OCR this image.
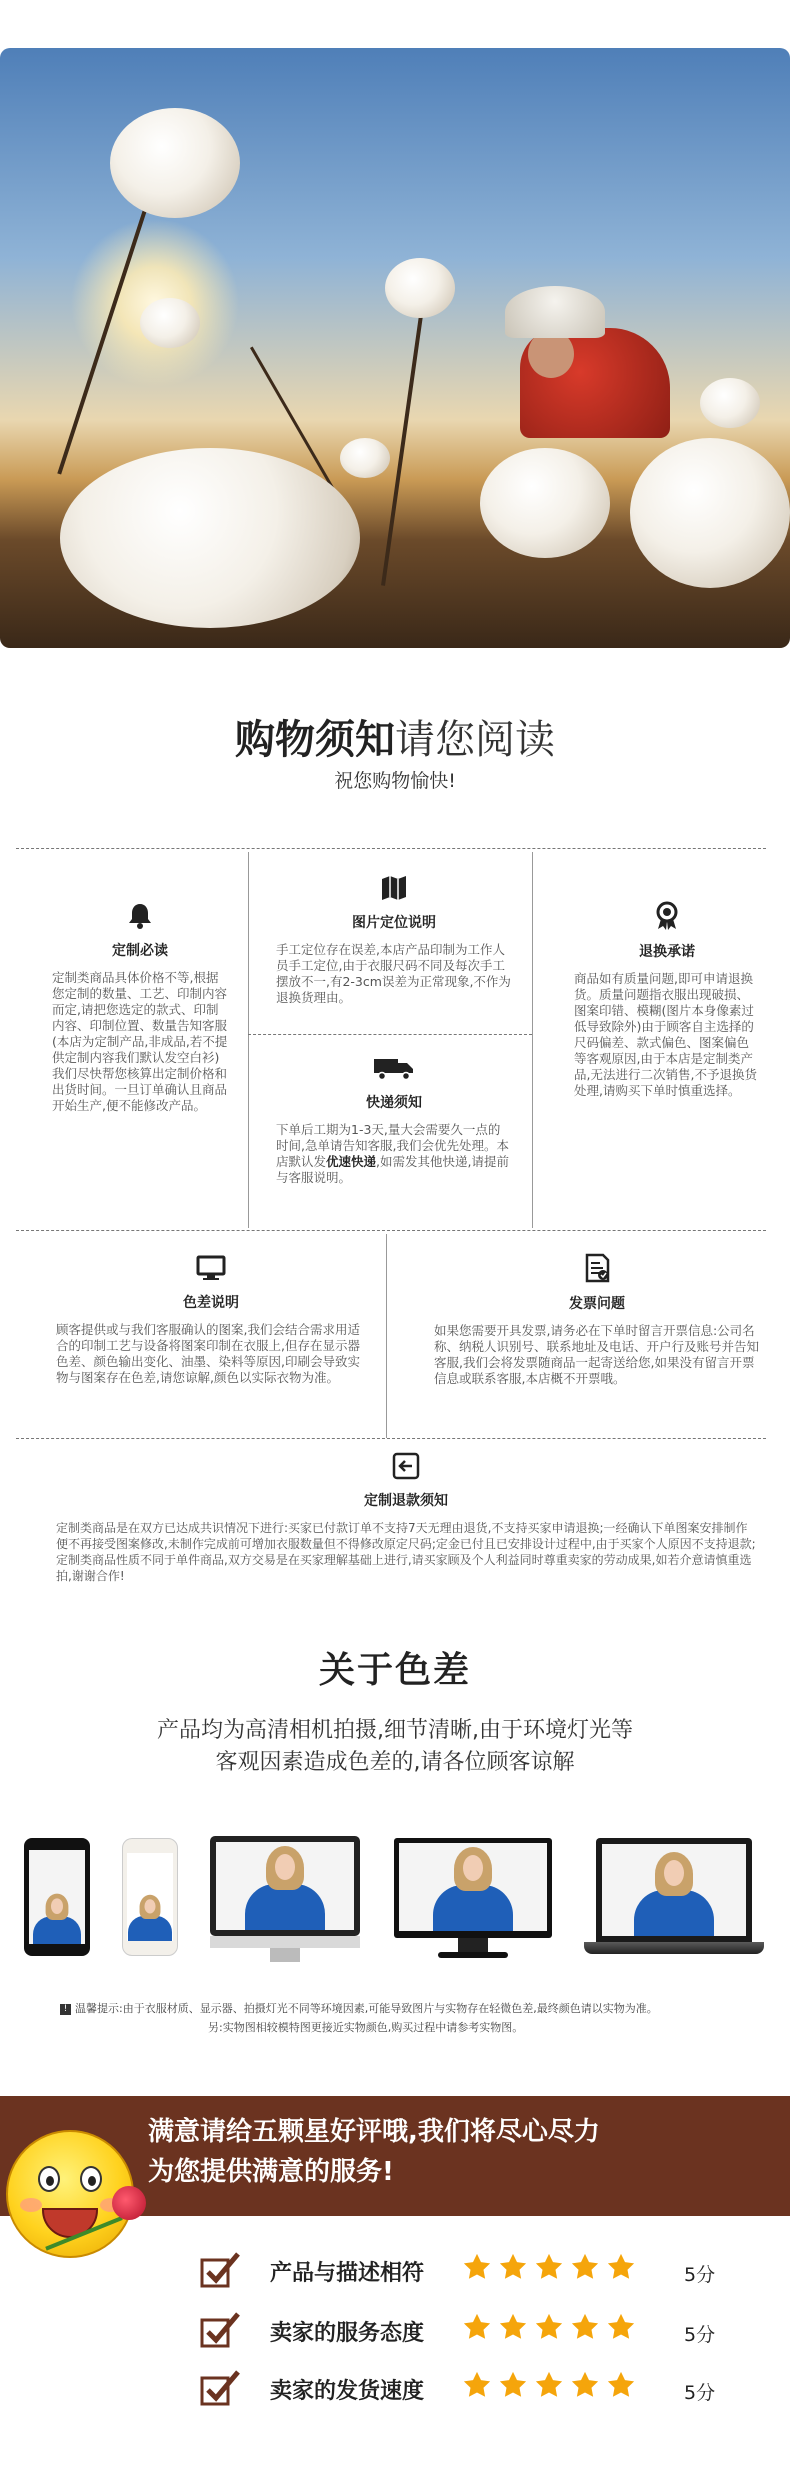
购物须知请您阅读
祝您购物愉快!
定制必读
定制类商品具体价格不等,根据您定制的数量、工艺、印制内容而定,请把您选定的款式、印制内容、印制位置、数量告知客服(本店为定制产品,非成品,若不提供定制内容我们默认发空白衫)我们尽快帮您核算出定制价格和出货时间。一旦订单确认且商品开始生产,便不能修改产品。
图片定位说明
手工定位存在误差,本店产品印制为工作人员手工定位,由于衣服尺码不同及每次手工摆放不一,有2-3cm误差为正常现象,不作为退换货理由。
快递须知
下单后工期为1-3天,量大会需要久一点的时间,急单请告知客服,我们会优先处理。本店默认发优速快递,如需发其他快递,请提前与客服说明。
退换承诺
商品如有质量问题,即可申请退换货。质量问题指衣服出现破损、图案印错、模糊(图片本身像素过低导致除外)由于顾客自主选择的尺码偏差、款式偏色、图案偏色等客观原因,由于本店是定制类产品,无法进行二次销售,不予退换货处理,请购买下单时慎重选择。
色差说明
顾客提供或与我们客服确认的图案,我们会结合需求用适合的印制工艺与设备将图案印制在衣服上,但存在显示器色差、颜色输出变化、油墨、染料等原因,印刷会导致实物与图案存在色差,请您谅解,颜色以实际衣物为准。
发票问题
如果您需要开具发票,请务必在下单时留言开票信息:公司名称、纳税人识别号、联系地址及电话、开户行及账号并告知客服,我们会将发票随商品一起寄送给您,如果没有留言开票信息或联系客服,本店概不开票哦。
定制退款须知
定制类商品是在双方已达成共识情况下进行:买家已付款订单不支持7天无理由退货,不支持买家申请退换;一经确认下单图案安排制作便不再接受图案修改,未制作完成前可增加衣服数量但不得修改原定尺码;定金已付且已安排设计过程中,由于买家个人原因不支持退款;定制类商品性质不同于单件商品,双方交易是在买家理解基础上进行,请买家顾及个人利益同时尊重卖家的劳动成果,如若介意请慎重选拍,谢谢合作!
关于色差
产品均为高清相机拍摄,细节清晰,由于环境灯光等
客观因素造成色差的,请各位顾客谅解
! 温馨提示:由于衣服材质、显示器、拍摄灯光不同等环境因素,可能导致图片与实物存在轻微色差,最终颜色请以实物为准。
另:实物图相较模特图更接近实物颜色,购买过程中请参考实物图。
满意请给五颗星好评哦,我们将尽心尽力
为您提供满意的服务!
产品与描述相符	5分
卖家的服务态度	5分
卖家的发货速度	5分
